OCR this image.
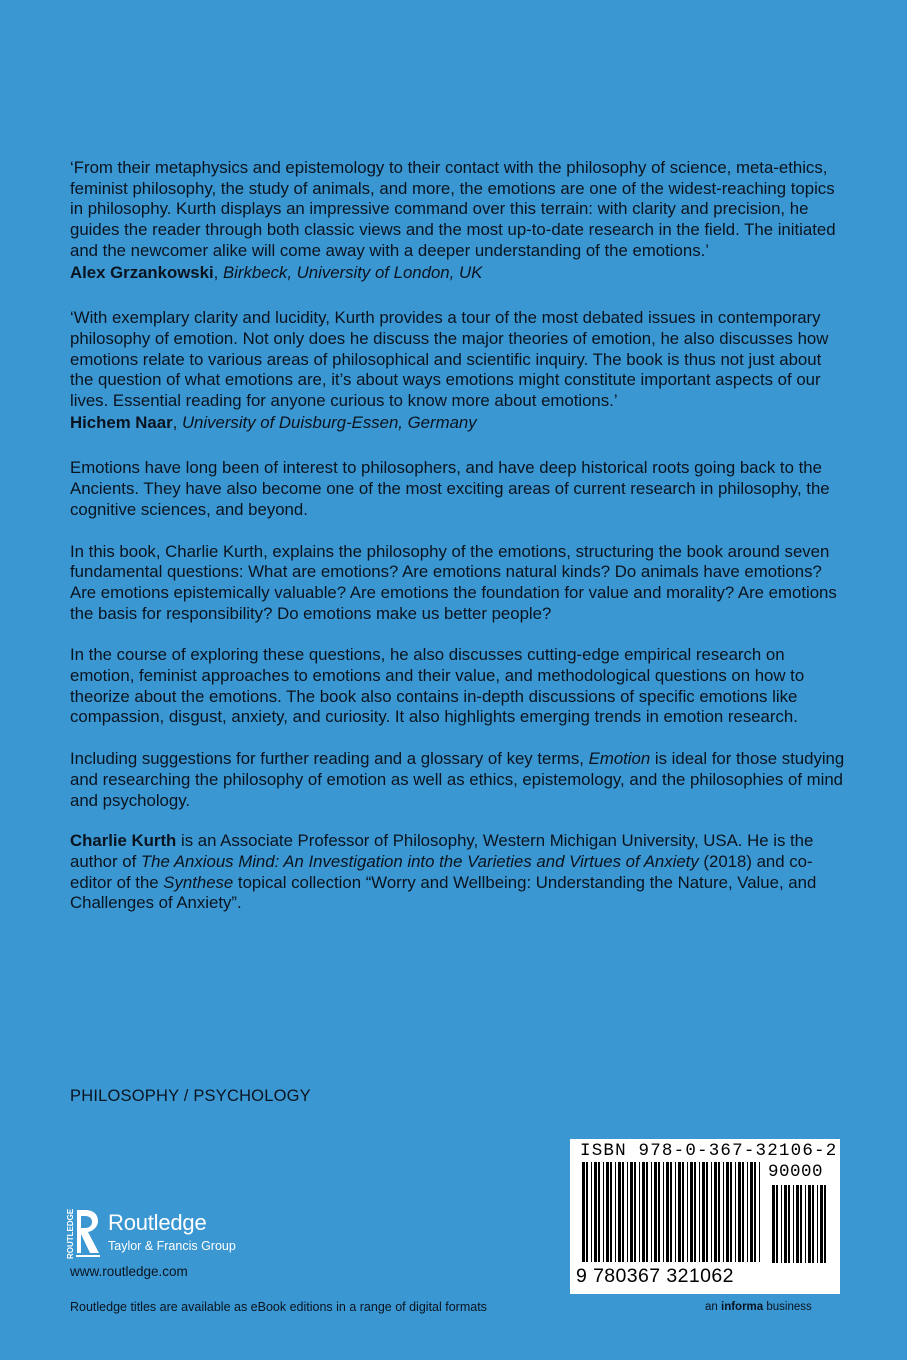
‘From their metaphysics and epistemology to their contact with the philosophy of science, meta-ethics, feminist philosophy, the study of animals, and more, the emotions are one of the widest-reaching topics in philosophy. Kurth displays an impressive command over this terrain: with clarity and precision, he guides the reader through both classic views and the most up-to-date research in the field. The initiated and the newcomer alike will come away with a deeper understanding of the emotions.’

Alex Grzankowski, Birkbeck, University of London, UK

‘With exemplary clarity and lucidity, Kurth provides a tour of the most debated issues in contemporary philosophy of emotion. Not only does he discuss the major theories of emotion, he also discusses how emotions relate to various areas of philosophical and scientific inquiry. The book is thus not just about the question of what emotions are, it’s about ways emotions might constitute important aspects of our lives. Essential reading for anyone curious to know more about emotions.’

Hichem Naar, University of Duisburg-Essen, Germany

Emotions have long been of interest to philosophers, and have deep historical roots going back to the Ancients. They have also become one of the most exciting areas of current research in philosophy, the cognitive sciences, and beyond.

In this book, Charlie Kurth, explains the philosophy of the emotions, structuring the book around seven fundamental questions: What are emotions? Are emotions natural kinds? Do animals have emotions? Are emotions epistemically valuable? Are emotions the foundation for value and morality? Are emotions the basis for responsibility? Do emotions make us better people?

In the course of exploring these questions, he also discusses cutting-edge empirical research on emotion, feminist approaches to emotions and their value, and methodological questions on how to theorize about the emotions. The book also contains in-depth discussions of specific emotions like compassion, disgust, anxiety, and curiosity. It also highlights emerging trends in emotion research.

Including suggestions for further reading and a glossary of key terms, Emotion is ideal for those studying and researching the philosophy of emotion as well as ethics, epistemology, and the philosophies of mind and psychology.

Charlie Kurth is an Associate Professor of Philosophy, Western Michigan University, USA. He is the author of The Anxious Mind: An Investigation into the Varieties and Virtues of Anxiety (2018) and co-editor of the Synthese topical collection “Worry and Wellbeing: Understanding the Nature, Value, and Challenges of Anxiety”.

PHILOSOPHY / PSYCHOLOGY
ROUTLEDGE Routledge
Taylor & Francis Group
www.routledge.com
Routledge titles are available as eBook editions in a range of digital formats
ISBN 978-0-367-32106-2
90000
9 780367 321062
an informa business
